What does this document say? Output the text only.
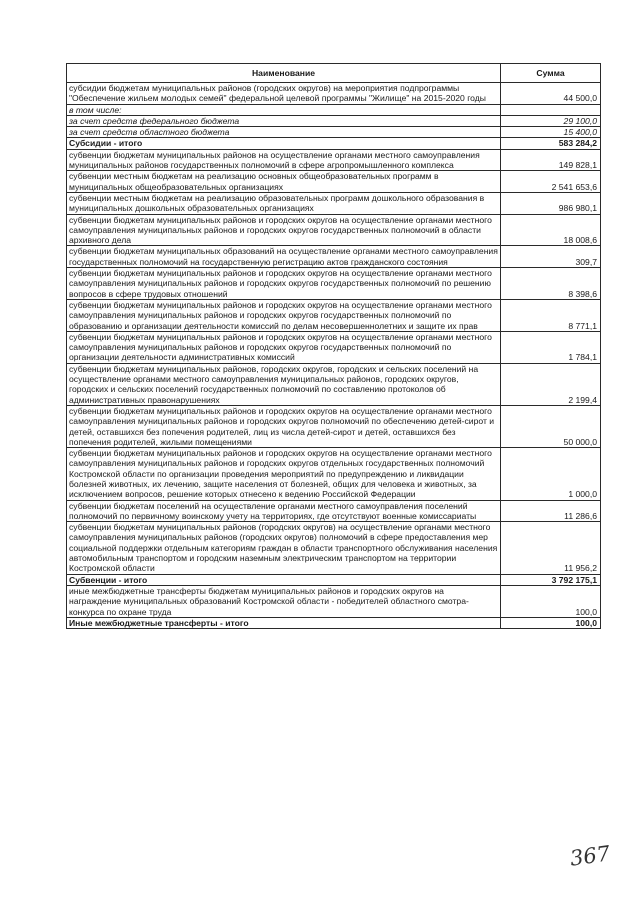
Наименование	Сумма
субсидии бюджетам муниципальных районов (городских округов) на мероприятия подпрограммы "Обеспечение жильем молодых семей" федеральной целевой программы "Жилище" на 2015-2020 годы	44 500,0
в том числе:	
за счет средств федерального бюджета	29 100,0
за счет средств областного бюджета	15 400,0
Субсидии - итого	583 284,2
субвенции бюджетам муниципальных районов на осуществление органами местного самоуправления муниципальных районов государственных полномочий в сфере агропромышленного комплекса	149 828,1
субвенции местным бюджетам на реализацию основных общеобразовательных программ в муниципальных общеобразовательных организациях	2 541 653,6
субвенции местным бюджетам на реализацию образовательных программ дошкольного образования в муниципальных дошкольных образовательных организациях	986 980,1
субвенции бюджетам муниципальных районов и городских округов на осуществление органами местного самоуправления муниципальных районов и городских округов государственных полномочий в области архивного дела	18 008,6
субвенции бюджетам муниципальных образований на осуществление органами местного самоуправления государственных полномочий на государственную регистрацию актов гражданского состояния	309,7
субвенции бюджетам муниципальных районов и городских округов на осуществление органами местного самоуправления муниципальных районов и городских округов государственных полномочий по решению вопросов в сфере трудовых отношений	8 398,6
субвенции бюджетам муниципальных районов и городских округов на осуществление органами местного самоуправления муниципальных районов и городских округов государственных полномочий по образованию и организации деятельности комиссий по делам несовершеннолетних и защите их прав	8 771,1
субвенции бюджетам муниципальных районов и городских округов на осуществление органами местного самоуправления муниципальных районов и городских округов государственных полномочий по организации деятельности административных комиссий	1 784,1
субвенции бюджетам муниципальных районов, городских округов, городских и сельских поселений на осуществление органами местного самоуправления муниципальных районов, городских округов, городских и сельских поселений государственных полномочий по составлению протоколов об административных правонарушениях	2 199,4
субвенции бюджетам муниципальных районов и городских округов на осуществление органами местного самоуправления муниципальных районов и городских округов полномочий по обеспечению детей-сирот и детей, оставшихся без попечения родителей, лиц из числа детей-сирот и детей, оставшихся без попечения родителей, жилыми помещениями	50 000,0
субвенции бюджетам муниципальных районов и городских округов на осуществление органами местного самоуправления муниципальных районов и городских округов отдельных государственных полномочий Костромской области по организации проведения мероприятий по предупреждению и ликвидации болезней животных, их лечению, защите населения от болезней, общих для человека и животных, за исключением вопросов, решение которых отнесено к ведению Российской Федерации	1 000,0
субвенции бюджетам поселений на осуществление органами местного самоуправления поселений полномочий по первичному воинскому учету на территориях, где отсутствуют военные комиссариаты	11 286,6
субвенции бюджетам муниципальных районов (городских округов) на осуществление органами местного самоуправления муниципальных районов (городских округов) полномочий в сфере предоставления мер социальной поддержки отдельным категориям граждан в области транспортного обслуживания населения автомобильным транспортом и городским наземным электрическим транспортом на территории Костромской области	11 956,2
Субвенции - итого	3 792 175,1
иные межбюджетные трансферты бюджетам муниципальных районов и городских округов на награждение муниципальных образований Костромской области - победителей областного смотра-конкурса по охране труда	100,0
Иные межбюджетные трансферты - итого	100,0
367
